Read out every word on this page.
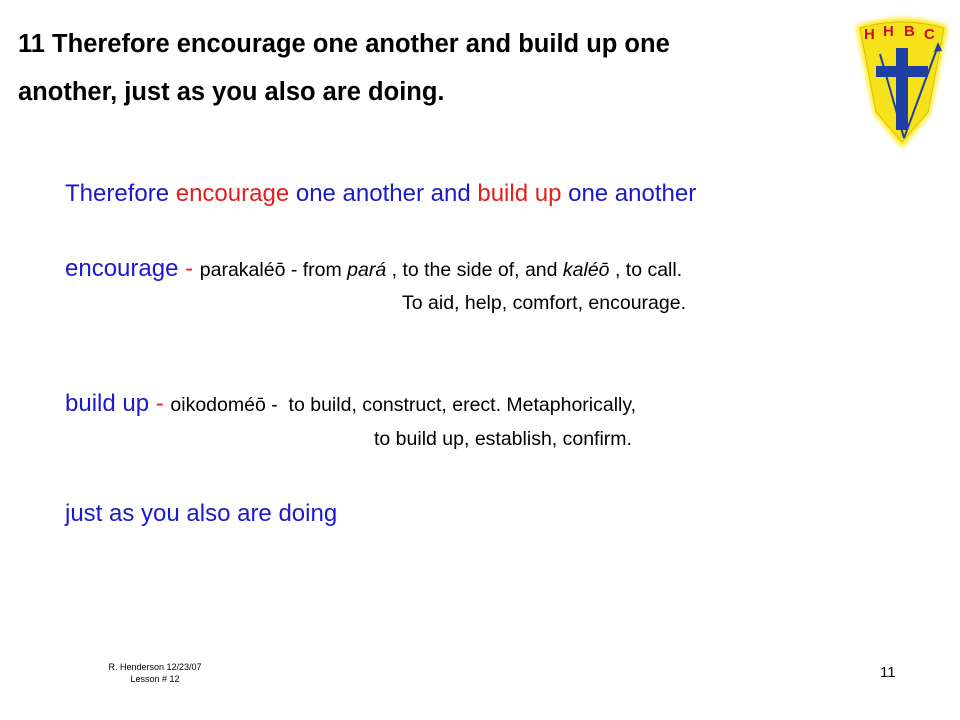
11 Therefore encourage one another and build up one
another, just as you also are doing.
H H B C
Therefore encourage one another and build up one another
encourage - parakaléō - from pará , to the side of, and kaléō , to call.
To aid, help, comfort, encourage.
build up - oikodoméō -  to build, construct, erect. Metaphorically,
to build up, establish, confirm.
just as you also are doing
R. Henderson 12/23/07
Lesson # 12	11
